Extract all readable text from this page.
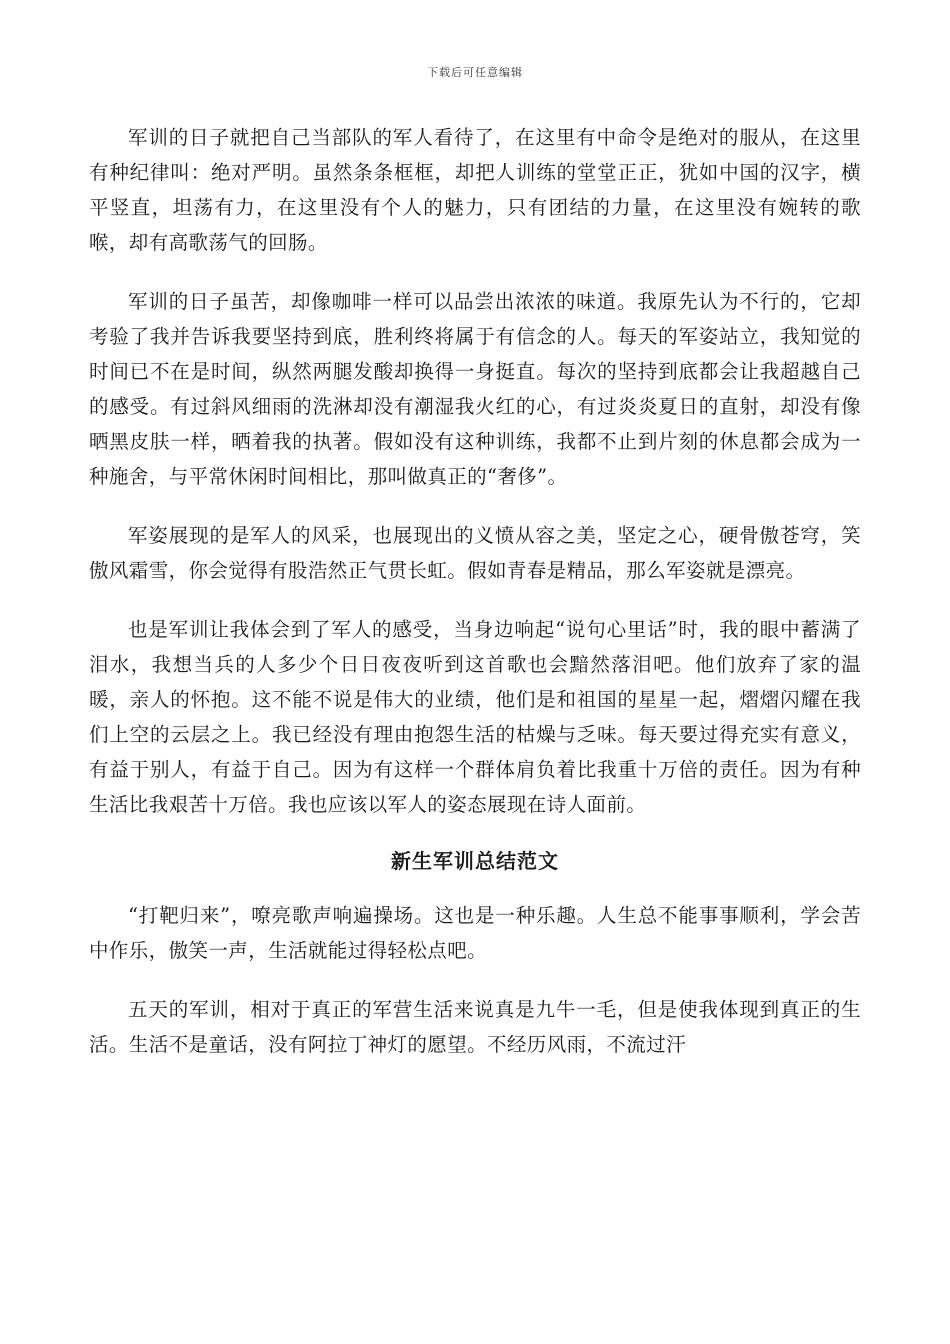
下载后可任意编辑

军训的日子就把自己当部队的军人看待了，在这里有中命令是绝对的服从，在这里有种纪律叫：绝对严明。虽然条条框框，却把人训练的堂堂正正，犹如中国的汉字，横平竖直，坦荡有力，在这里没有个人的魅力，只有团结的力量，在这里没有婉转的歌喉，却有高歌荡气的回肠。

军训的日子虽苦，却像咖啡一样可以品尝出浓浓的味道。我原先认为不行的，它却考验了我并告诉我要坚持到底，胜利终将属于有信念的人。每天的军姿站立，我知觉的时间已不在是时间，纵然两腿发酸却换得一身挺直。每次的坚持到底都会让我超越自己的感受。有过斜风细雨的洗淋却没有潮湿我火红的心，有过炎炎夏日的直射，却没有像晒黑皮肤一样，晒着我的执著。假如没有这种训练，我都不止到片刻的休息都会成为一种施舍，与平常休闲时间相比，那叫做真正的“奢侈”。

军姿展现的是军人的风采，也展现出的义愤从容之美，坚定之心，硬骨傲苍穹，笑傲风霜雪，你会觉得有股浩然正气贯长虹。假如青春是精品，那么军姿就是漂亮。

也是军训让我体会到了军人的感受，当身边响起“说句心里话”时，我的眼中蓄满了泪水，我想当兵的人多少个日日夜夜听到这首歌也会黯然落泪吧。他们放弃了家的温暖，亲人的怀抱。这不能不说是伟大的业绩，他们是和祖国的星星一起，熠熠闪耀在我们上空的云层之上。我已经没有理由抱怨生活的枯燥与乏味。每天要过得充实有意义，有益于别人，有益于自己。因为有这样一个群体肩负着比我重十万倍的责任。因为有种生活比我艰苦十万倍。我也应该以军人的姿态展现在诗人面前。

新生军训总结范文

“打靶归来”，嘹亮歌声响遍操场。这也是一种乐趣。人生总不能事事顺利，学会苦中作乐，傲笑一声，生活就能过得轻松点吧。

五天的军训，相对于真正的军营生活来说真是九牛一毛，但是使我体现到真正的生活。生活不是童话，没有阿拉丁神灯的愿望。不经历风雨，不流过汗
